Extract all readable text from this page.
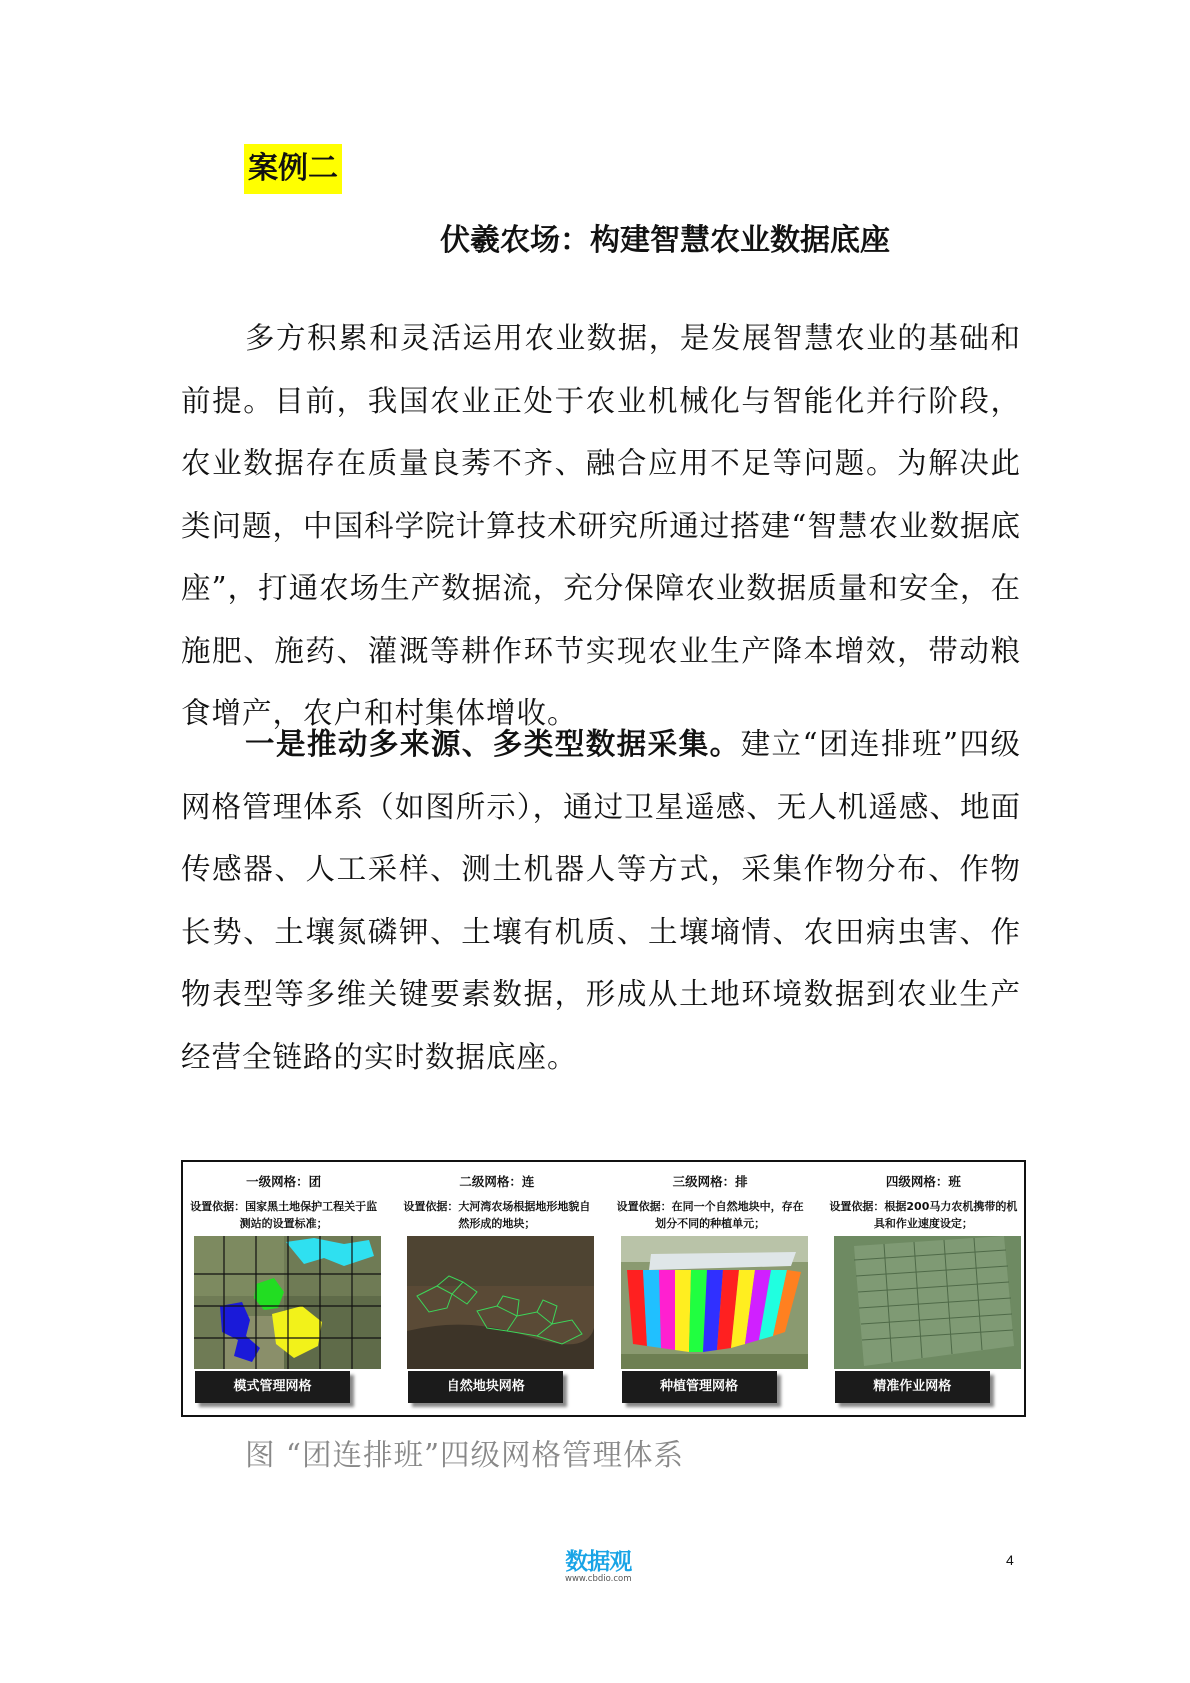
案例二
伏羲农场：构建智慧农业数据底座

多方积累和灵活运用农业数据，是发展智慧农业的基础和前提。目前，我国农业正处于农业机械化与智能化并行阶段，农业数据存在质量良莠不齐、融合应用不足等问题。为解决此类问题，中国科学院计算技术研究所通过搭建“智慧农业数据底座”，打通农场生产数据流，充分保障农业数据质量和安全，在施肥、施药、灌溉等耕作环节实现农业生产降本增效，带动粮食增产，农户和村集体增收。

一是推动多来源、多类型数据采集。建立“团连排班”四级网格管理体系（如图所示），通过卫星遥感、无人机遥感、地面传感器、人工采样、测土机器人等方式，采集作物分布、作物长势、土壤氮磷钾、土壤有机质、土壤墒情、农田病虫害、作物表型等多维关键要素数据，形成从土地环境数据到农业生产经营全链路的实时数据底座。

一级网格：团
设置依据：国家黑土地保护工程关于监测站的设置标准；
模式管理网格
二级网格：连
设置依据：大河湾农场根据地形地貌自然形成的地块；
自然地块网格
三级网格：排
设置依据：在同一个自然地块中，存在划分不同的种植单元；
种植管理网格
四级网格：班
设置依据：根据200马力农机携带的机具和作业速度设定；
精准作业网格
图 “团连排班”四级网格管理体系
数据观
www.cbdio.com
4
